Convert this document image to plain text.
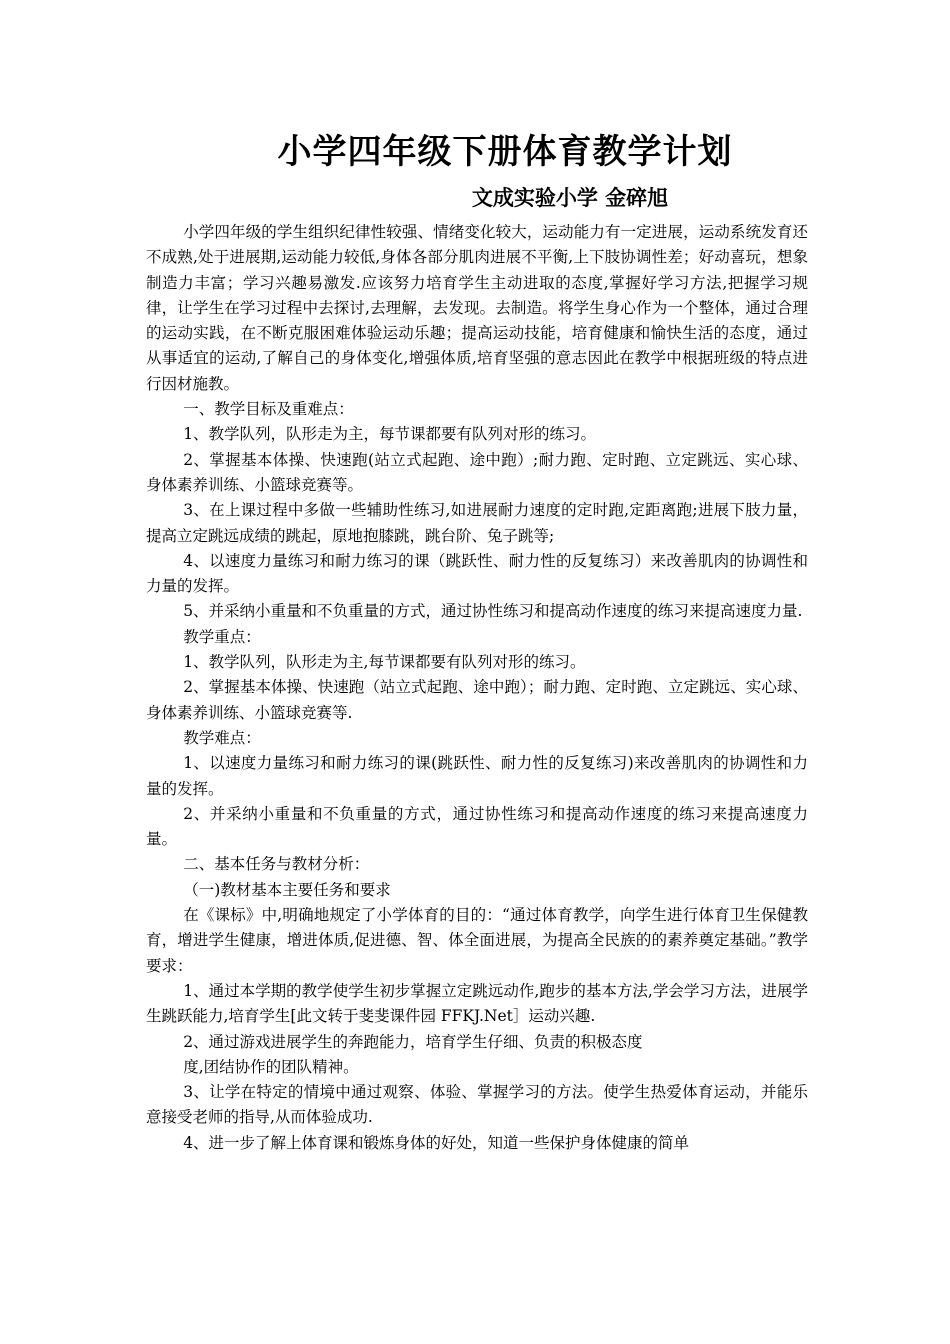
小学四年级下册体育教学计划
文成实验小学 金碎旭

小学四年级的学生组织纪律性较强、情绪变化较大，运动能力有一定进展，运动系统发育还不成熟,处于进展期,运动能力较低,身体各部分肌肉进展不平衡,上下肢协调性差；好动喜玩，想象制造力丰富；学习兴趣易激发.应该努力培育学生主动进取的态度,掌握好学习方法,把握学习规律，让学生在学习过程中去探讨,去理解，去发现。去制造。将学生身心作为一个整体，通过合理的运动实践，在不断克服困难体验运动乐趣；提高运动技能，培育健康和愉快生活的态度，通过从事适宜的运动,了解自己的身体变化,增强体质,培育坚强的意志因此在教学中根据班级的特点进行因材施教。

一、教学目标及重难点：

1、教学队列，队形走为主，每节课都要有队列对形的练习。

2、掌握基本体操、快速跑(站立式起跑、途中跑）;耐力跑、定时跑、立定跳远、实心球、身体素养训练、小篮球竞赛等。

3、在上课过程中多做一些辅助性练习,如进展耐力速度的定时跑,定距离跑;进展下肢力量，提高立定跳远成绩的跳起，原地抱膝跳，跳台阶、兔子跳等;

4、以速度力量练习和耐力练习的课（跳跃性、耐力性的反复练习）来改善肌肉的协调性和力量的发挥。

5、并采纳小重量和不负重量的方式，通过协性练习和提高动作速度的练习来提高速度力量.

教学重点：

1、教学队列，队形走为主,每节课都要有队列对形的练习。

2、掌握基本体操、快速跑（站立式起跑、途中跑）；耐力跑、定时跑、立定跳远、实心球、身体素养训练、小篮球竞赛等.

教学难点：

1、以速度力量练习和耐力练习的课(跳跃性、耐力性的反复练习)来改善肌肉的协调性和力量的发挥。

2、并采纳小重量和不负重量的方式，通过协性练习和提高动作速度的练习来提高速度力量。

二、基本任务与教材分析：

（一)教材基本主要任务和要求

在《课标》中,明确地规定了小学体育的目的：“通过体育教学，向学生进行体育卫生保健教育，增进学生健康，增进体质,促进德、智、体全面进展，为提高全民族的的素养奠定基础。”教学要求：

1、通过本学期的教学使学生初步掌握立定跳远动作,跑步的基本方法,学会学习方法，进展学生跳跃能力,培育学生[此文转于斐斐课件园 FFKJ.Net］运动兴趣.

2、通过游戏进展学生的奔跑能力，培育学生仔细、负责的积极态度

度,团结协作的团队精神。

3、让学在特定的情境中通过观察、体验、掌握学习的方法。使学生热爱体育运动，并能乐意接受老师的指导,从而体验成功.

4、进一步了解上体育课和锻炼身体的好处，知道一些保护身体健康的简单
